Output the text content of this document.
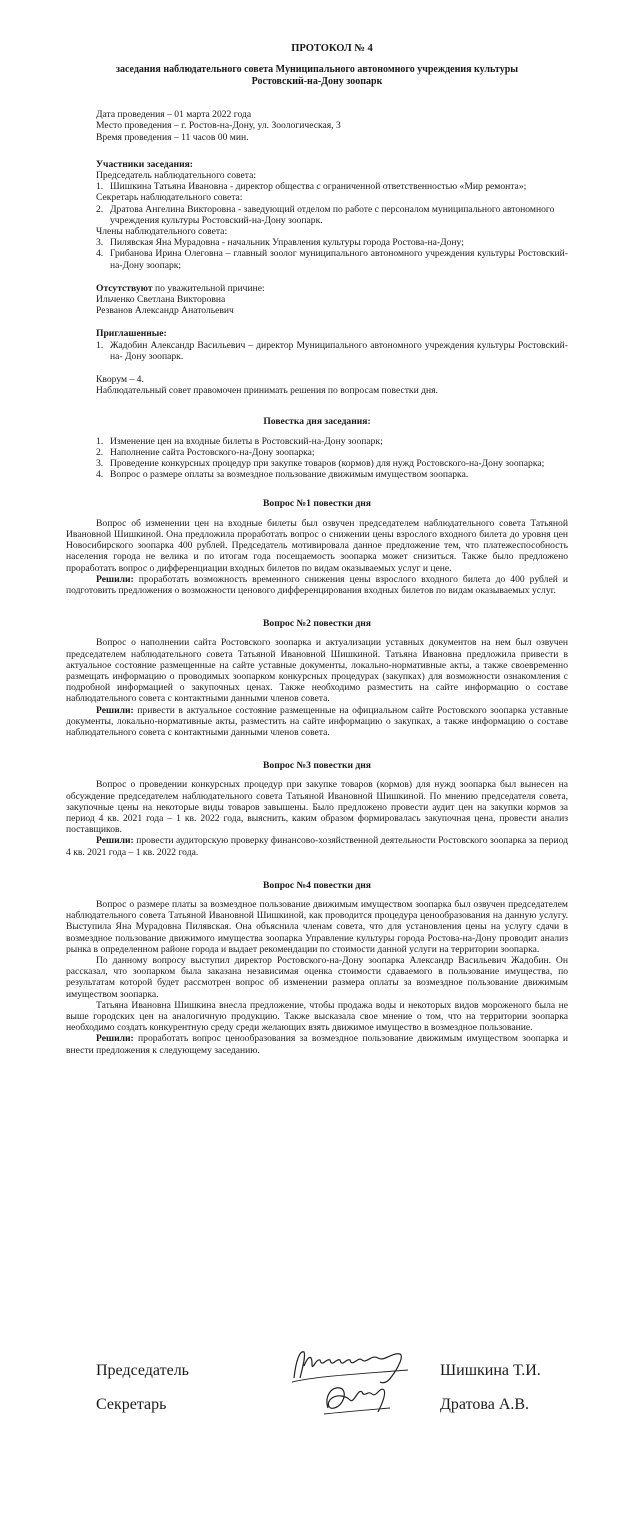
ПРОТОКОЛ № 4
заседания наблюдательного совета Муниципального автономного учреждения культуры
Ростовский-на-Дону зоопарк
Дата проведения – 01 марта 2022 года
Место проведения – г. Ростов-на-Дону, ул. Зоологическая, 3
Время проведения – 11 часов 00 мин.
Участники заседания:
Председатель наблюдательного совета:
1. Шишкина Татьяна Ивановна - директор общества с ограниченной ответственностью «Мир ремонта»;
Секретарь наблюдательного совета:
2. Дратова Ангелина Викторовна - заведующий отделом по работе с персоналом муниципального автономного учреждения культуры Ростовский-на-Дону зоопарк.
Члены наблюдательного совета:
3. Пилявская Яна Мурадовна - начальник Управления культуры города Ростова-на-Дону;
4. Грибанова Ирина Олеговна – главный зоолог муниципального автономного учреждения культуры Ростовский-на-Дону зоопарк;
Отсутствуют по уважительной причине:
Ильченко Светлана Викторовна
Резванов Александр Анатольевич
Приглашенные:
1. Жадобин Александр Васильевич – директор Муниципального автономного учреждения культуры Ростовский-на- Дону зоопарк.
Кворум – 4.
Наблюдательный совет правомочен принимать решения по вопросам повестки дня.
Повестка дня заседания:
1. Изменение цен на входные билеты в Ростовский-на-Дону зоопарк;
2. Наполнение сайта Ростовского-на-Дону зоопарка;
3. Проведение конкурсных процедур при закупке товаров (кормов) для нужд Ростовского-на-Дону зоопарка;
4. Вопрос о размере оплаты за возмездное пользование движимым имуществом зоопарка.
Вопрос №1 повестки дня

Вопрос об изменении цен на входные билеты был озвучен председателем наблюдательного совета Татьяной Ивановной Шишкиной. Она предложила проработать вопрос о снижении цены взрослого входного билета до уровня цен Новосибирского зоопарка 400 рублей. Председатель мотивировала данное предложение тем, что платежеспособность населения города не велика и по итогам года посещаемость зоопарка может снизиться. Также было предложено проработать вопрос о дифференциации входных билетов по видам оказываемых услуг и цене.

Решили: проработать возможность временного снижения цены взрослого входного билета до 400 рублей и подготовить предложения о возможности ценового дифференцирования входных билетов по видам оказываемых услуг.

Вопрос №2 повестки дня

Вопрос о наполнении сайта Ростовского зоопарка и актуализации уставных документов на нем был озвучен председателем наблюдательного совета Татьяной Ивановной Шишкиной. Татьяна Ивановна предложила привести в актуальное состояние размещенные на сайте уставные документы, локально-нормативные акты, а также своевременно размещать информацию о проводимых зоопарком конкурсных процедурах (закупках) для возможности ознакомления с подробной информацией о закупочных ценах. Также необходимо разместить на сайте информацию о составе наблюдательного совета с контактными данными членов совета.

Решили: привести в актуальное состояние размещенные на официальном сайте Ростовского зоопарка уставные документы, локально-нормативные акты, разместить на сайте информацию о закупках, а также информацию о составе наблюдательного совета с контактными данными членов совета.

Вопрос №3 повестки дня

Вопрос о проведении конкурсных процедур при закупке товаров (кормов) для нужд зоопарка был вынесен на обсуждение председателем наблюдательного совета Татьяной Ивановной Шишкиной. По мнению председателя совета, закупочные цены на некоторые виды товаров завышены. Было предложено провести аудит цен на закупки кормов за период 4 кв. 2021 года – 1 кв. 2022 года, выяснить, каким образом формировалась закупочная цена, провести анализ поставщиков.

Решили: провести аудиторскую проверку финансово-хозяйственной деятельности Ростовского зоопарка за период 4 кв. 2021 года – 1 кв. 2022 года.

Вопрос №4 повестки дня

Вопрос о размере платы за возмездное пользование движимым имуществом зоопарка был озвучен председателем наблюдательного совета Татьяной Ивановной Шишкиной, как проводится процедура ценообразования на данную услугу. Выступила Яна Мурадовна Пилявская. Она объяснила членам совета, что для установления цены на услугу сдачи в возмездное пользование движимого имущества зоопарка Управление культуры города Ростова-на-Дону проводит анализ рынка в определенном районе города и выдает рекомендации по стоимости данной услуги на территории зоопарка.

По данному вопросу выступил директор Ростовского-на-Дону зоопарка Александр Васильевич Жадобин. Он рассказал, что зоопарком была заказана независимая оценка стоимости сдаваемого в пользование имущества, по результатам которой будет рассмотрен вопрос об изменении размера оплаты за возмездное пользование движимым имуществом зоопарка.

Татьяна Ивановна Шишкина внесла предложение, чтобы продажа воды и некоторых видов мороженого была не выше городских цен на аналогичную продукцию. Также высказала свое мнение о том, что на территории зоопарка необходимо создать конкурентную среду среди желающих взять движимое имущество в возмездное пользование.

Решили: проработать вопрос ценообразования за возмездное пользование движимым имуществом зоопарка и внести предложения к следующему заседанию.

Председатель
Секретарь
Шишкина Т.И.
Дратова А.В.
